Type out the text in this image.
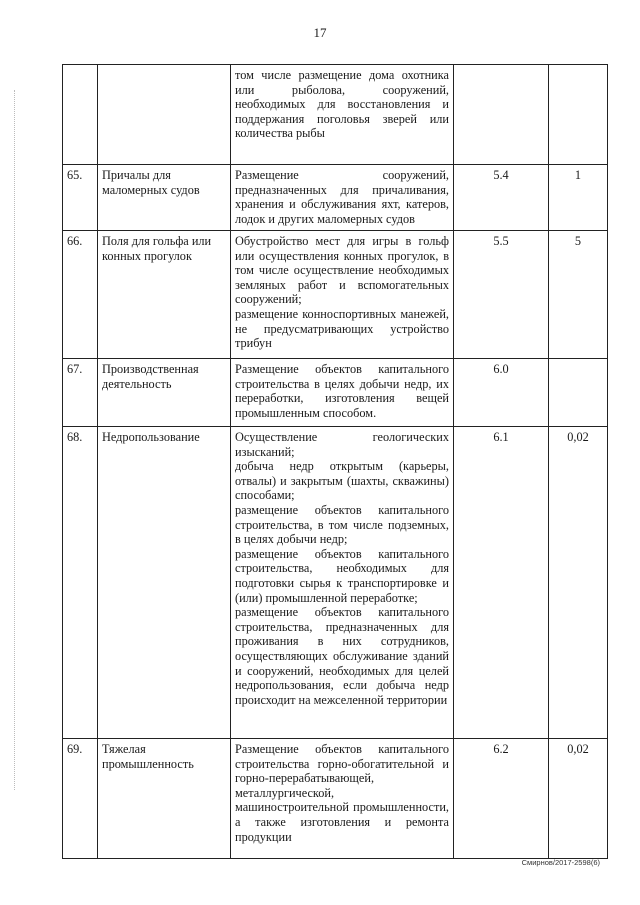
17

		том числе размещение дома охотника или рыболова, сооружений, необходимых для восстановления и поддержания поголовья зверей или количества рыбы		

65.	Причалы для маломерных судов	Размещение сооружений, предназначенных для причаливания, хранения и обслуживания яхт, катеров, лодок и других маломерных судов	5.4	1
66.	Поля для гольфа или конных прогулок	Обустройство мест для игры в гольф или осуществления конных прогулок, в том числе осуществление необходимых земляных работ и вспомогательных сооружений;
размещение конноспортивных манежей, не предусматривающих устройство трибун	5.5	5
67.	Производственная деятельность	Размещение объектов капитального строительства в целях добычи недр, их переработки, изготовления вещей промышленным способом.	6.0	
68.	Недропользование	Осуществление геологических изысканий;
добыча недр открытым (карьеры, отвалы) и закрытым (шахты, скважины) способами;
размещение объектов капитального строительства, в том числе подземных, в целях добычи недр;
размещение объектов капитального строительства, необходимых для подготовки сырья к транспортировке и (или) промышленной переработке;
размещение объектов капитального строительства, предназначенных для проживания в них сотрудников, осуществляющих обслуживание зданий и сооружений, необходимых для целей недропользования, если добыча недр происходит на межселенной территории	6.1	0,02
69.	Тяжелая промышленность	Размещение объектов капитального строительства горно-обогатительной и горно-перерабатывающей, металлургической, машиностроительной промышленности, а также изготовления и ремонта продукции	6.2	0,02
Смирнов/2017-2598(6)
